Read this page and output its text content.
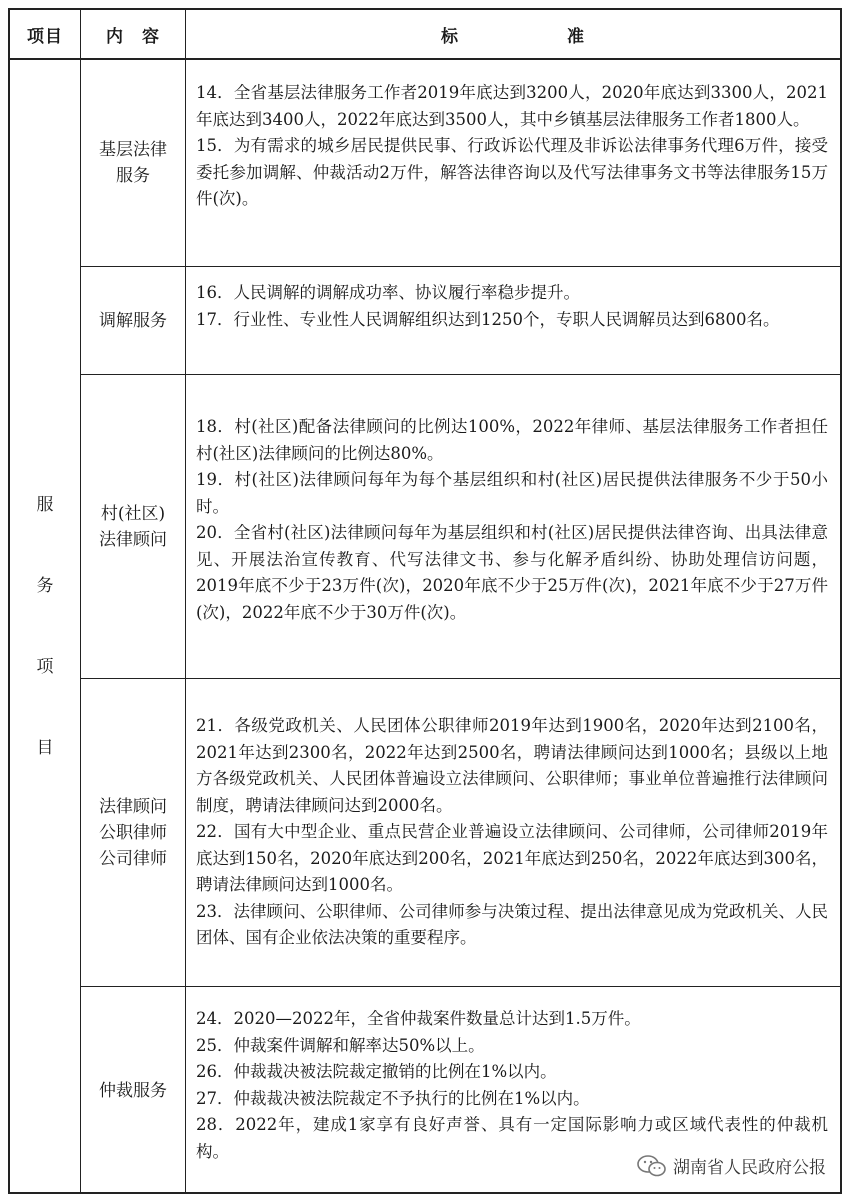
项目	内　容	标　　　　　　准
服
务
项
目
基层法律
服务

14．全省基层法律服务工作者2019年底达到3200人，2020年底达到3300人，2021年底达到3400人，2022年底达到3500人，其中乡镇基层法律服务工作者1800人。

15．为有需求的城乡居民提供民事、行政诉讼代理及非诉讼法律事务代理6万件，接受委托参加调解、仲裁活动2万件，解答法律咨询以及代写法律事务文书等法律服务15万件(次)。

调解服务

16．人民调解的调解成功率、协议履行率稳步提升。

17．行业性、专业性人民调解组织达到1250个，专职人民调解员达到6800名。

村(社区)
法律顾问

18．村(社区)配备法律顾问的比例达100%，2022年律师、基层法律服务工作者担任村(社区)法律顾问的比例达80%。

19．村(社区)法律顾问每年为每个基层组织和村(社区)居民提供法律服务不少于50小时。

20．全省村(社区)法律顾问每年为基层组织和村(社区)居民提供法律咨询、出具法律意见、开展法治宣传教育、代写法律文书、参与化解矛盾纠纷、协助处理信访问题，2019年底不少于23万件(次)，2020年底不少于25万件(次)，2021年底不少于27万件(次)，2022年底不少于30万件(次)。

法律顾问
公职律师
公司律师

21．各级党政机关、人民团体公职律师2019年达到1900名，2020年达到2100名，2021年达到2300名，2022年达到2500名，聘请法律顾问达到1000名；县级以上地方各级党政机关、人民团体普遍设立法律顾问、公职律师；事业单位普遍推行法律顾问制度，聘请法律顾问达到2000名。

22．国有大中型企业、重点民营企业普遍设立法律顾问、公司律师，公司律师2019年底达到150名，2020年底达到200名，2021年底达到250名，2022年底达到300名，聘请法律顾问达到1000名。

23．法律顾问、公职律师、公司律师参与决策过程、提出法律意见成为党政机关、人民团体、国有企业依法决策的重要程序。

仲裁服务

24．2020—2022年，全省仲裁案件数量总计达到1.5万件。

25．仲裁案件调解和解率达50%以上。

26．仲裁裁决被法院裁定撤销的比例在1%以内。

27．仲裁裁决被法院裁定不予执行的比例在1%以内。

28．2022年，建成1家享有良好声誉、具有一定国际影响力或区域代表性的仲裁机构。

湖南省人民政府公报
